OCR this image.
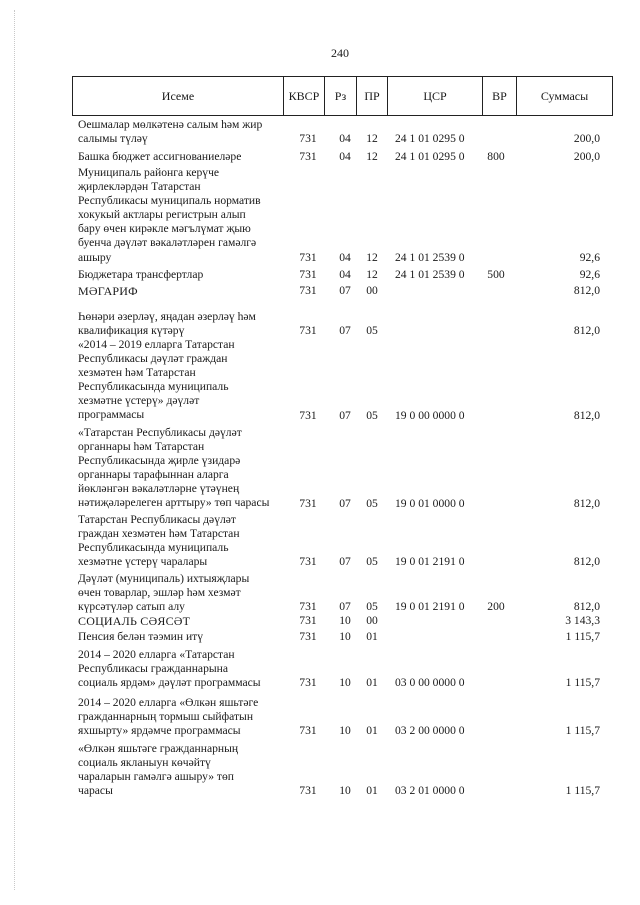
240
Исеме	КВСР	Рз	ПР	ЦСР	ВР	Суммасы
Оешмалар мөлкәтенә салым һәм жир
салымы түләү	731	04	12	24 1 01 0295 0	200,0
Башка бюджет ассигнованиеләре	731	04	12	24 1 01 0295 0	800	200,0
Муниципаль районга керүче
җирлекләрдән Татарстан
Республикасы муниципаль норматив
хокукый актлары регистрын алып
бару өчен кирәкле мәгълүмат җыю
буенча дәүләт вәкаләтләрен гамәлгә
ашыру	731	04	12	24 1 01 2539 0	92,6
Бюджетара трансфертлар	731	04	12	24 1 01 2539 0	500	92,6
МӘГАРИФ	731	07	00	812,0
Һөнәри әзерләү, яңадан әзерләү һәм
квалификация күтәрү	731	07	05	812,0
«2014 – 2019 елларга Татарстан
Республикасы дәүләт граждан
хезмәтен һәм Татарстан
Республикасында муниципаль
хезмәтне үстерү» дәүләт
программасы	731	07	05	19 0 00 0000 0	812,0
«Татарстан Республикасы дәүләт
органнары һәм Татарстан
Республикасында җирле үзидарә
органнары тарафыннан аларга
йөкләнгән вәкаләтләрне үтәүнең
нәтиҗәләрелеген арттыру» төп чарасы	731	07	05	19 0 01 0000 0	812,0
Татарстан Республикасы дәүләт
граждан хезмәтен һәм Татарстан
Республикасында муниципаль
хезмәтне үстерү чаралары	731	07	05	19 0 01 2191 0	812,0
Дәүләт (муниципаль) ихтыяҗлары
өчен товарлар, эшләр һәм хезмәт
күрсәтүләр сатып алу	731	07	05	19 0 01 2191 0	200	812,0
СОЦИАЛЬ СӘЯСӘТ	731	10	00	3 143,3
Пенсия белән тәэмин итү	731	10	01	1 115,7
2014 – 2020 елларга «Татарстан
Республикасы гражданнарына
социаль ярдәм» дәүләт программасы	731	10	01	03 0 00 0000 0	1 115,7
2014 – 2020 елларга «Өлкән яшьтәге
гражданнарның тормыш сыйфатын
яхшырту» ярдәмче программасы	731	10	01	03 2 00 0000 0	1 115,7
«Өлкән яшьтәге гражданнарның
социаль якланыун көчәйтү
чараларын гамәлгә ашыру» төп
чарасы	731	10	01	03 2 01 0000 0	1 115,7
